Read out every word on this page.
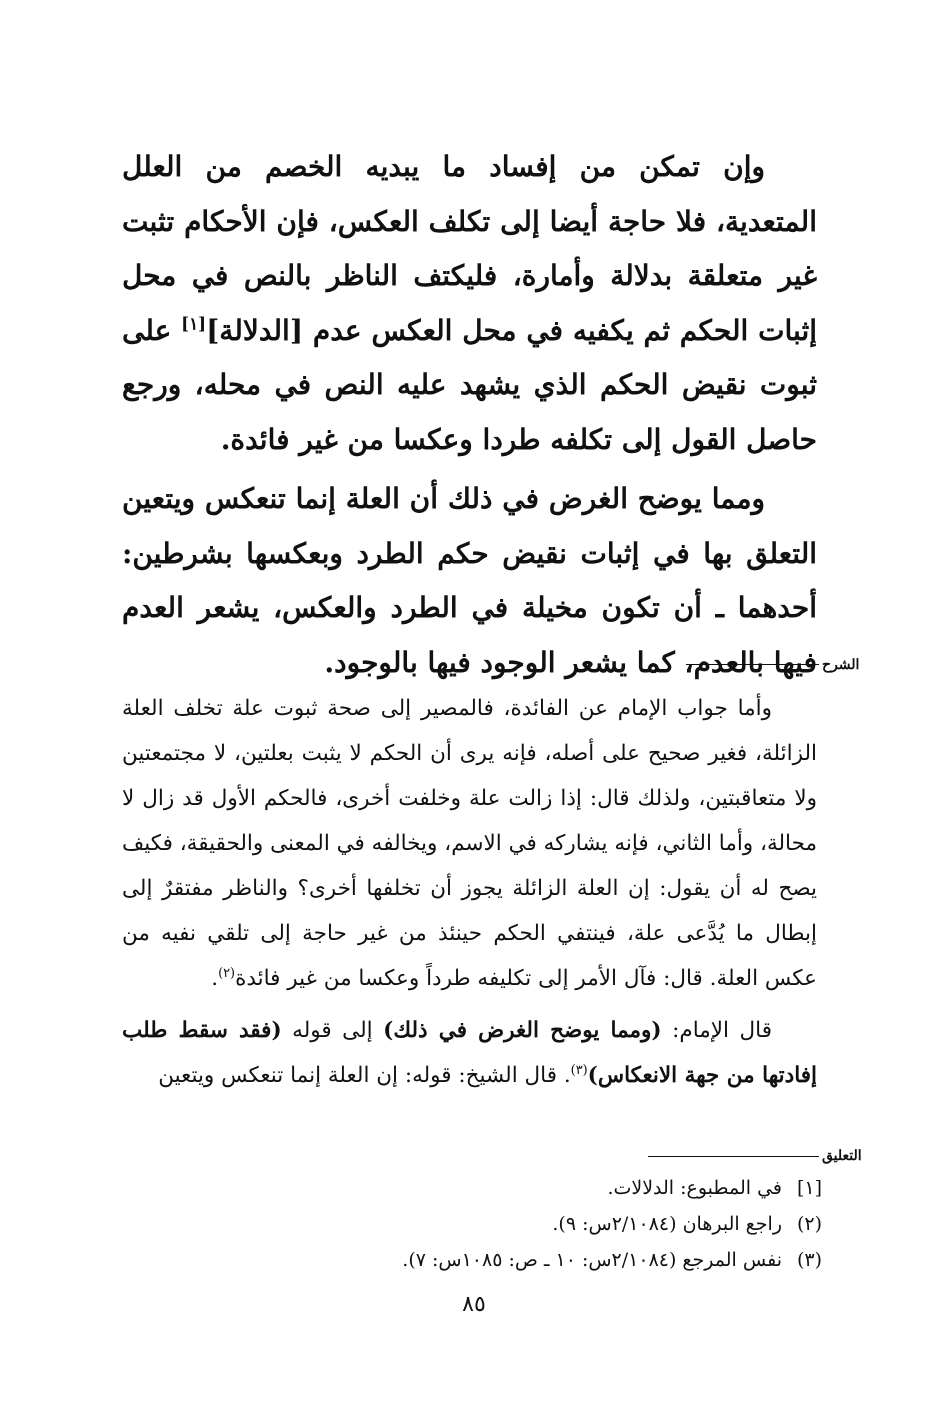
وإن تمكن من إفساد ما يبديه الخصم من العلل المتعدية، فلا حاجة أيضا إلى تكلف العكس، فإن الأحكام تثبت غير متعلقة بدلالة وأمارة، فليكتف الناظر بالنص في محل إثبات الحكم ثم يكفيه في محل العكس عدم [الدلالة][١] على ثبوت نقيض الحكم الذي يشهد عليه النص في محله، ورجع حاصل القول إلى تكلفه طردا وعكسا من غير فائدة.

ومما يوضح الغرض في ذلك أن العلة إنما تنعكس ويتعين التعلق بها في إثبات نقيض حكم الطرد وبعكسها بشرطين: أحدهما ـ أن تكون مخيلة في الطرد والعكس، يشعر العدم فيها بالعدم، كما يشعر الوجود فيها بالوجود. الشرح

وأما جواب الإمام عن الفائدة، فالمصير إلى صحة ثبوت علة تخلف العلة الزائلة، فغير صحيح على أصله، فإنه يرى أن الحكم لا يثبت بعلتين، لا مجتمعتين ولا متعاقبتين، ولذلك قال: إذا زالت علة وخلفت أخرى، فالحكم الأول قد زال لا محالة، وأما الثاني، فإنه يشاركه في الاسم، ويخالفه في المعنى والحقيقة، فكيف يصح له أن يقول: إن العلة الزائلة يجوز أن تخلفها أخرى؟ والناظر مفتقرٌ إلى إبطال ما يُدَّعى علة، فينتفي الحكم حينئذ من غير حاجة إلى تلقي نفيه من عكس العلة. قال: فآل الأمر إلى تكليفه طرداً وعكسا من غير فائدة$^{(٢)}$.

قال الإمام: (ومما يوضح الغرض في ذلك) إلى قوله (فقد سقط طلب إفادتها من جهة الانعكاس)$^{(٣)}$. قال الشيخ: قوله: إن العلة إنما تنعكس ويتعين

التعليق
[١]في المطبوع: الدلالات.
(٢)راجع البرهان (٢/١٠٨٤س: ٩).
(٣)نفس المرجع (٢/١٠٨٤س: ١٠ ـ ص: ١٠٨٥س: ٧).
٨٥
